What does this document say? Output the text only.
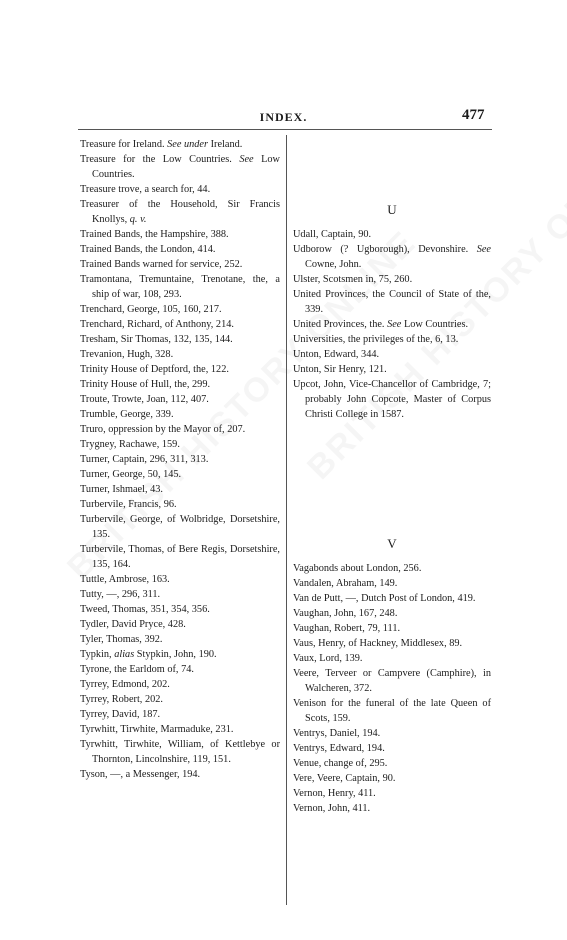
INDEX.	477
Treasure for Ireland. See under Ireland.
Treasure for the Low Countries. See Low Countries.
Treasure trove, a search for, 44.
Treasurer of the Household, Sir Francis Knollys, q. v.
Trained Bands, the Hampshire, 388.
Trained Bands, the London, 414.
Trained Bands warned for service, 252.
Tramontana, Tremuntaine, Trenotane, the, a ship of war, 108, 293.
Trenchard, George, 105, 160, 217.
Trenchard, Richard, of Anthony, 214.
Tresham, Sir Thomas, 132, 135, 144.
Trevanion, Hugh, 328.
Trinity House of Deptford, the, 122.
Trinity House of Hull, the, 299.
Troute, Trowte, Joan, 112, 407.
Trumble, George, 339.
Truro, oppression by the Mayor of, 207.
Trygney, Rachawe, 159.
Turner, Captain, 296, 311, 313.
Turner, George, 50, 145.
Turner, Ishmael, 43.
Turbervile, Francis, 96.
Turbervile, George, of Wolbridge, Dorsetshire, 135.
Turbervile, Thomas, of Bere Regis, Dorsetshire, 135, 164.
Tuttle, Ambrose, 163.
Tutty, —, 296, 311.
Tweed, Thomas, 351, 354, 356.
Tydler, David Pryce, 428.
Tyler, Thomas, 392.
Typkin, alias Stypkin, John, 190.
Tyrone, the Earldom of, 74.
Tyrrey, Edmond, 202.
Tyrrey, Robert, 202.
Tyrrey, David, 187.
Tyrwhitt, Tirwhite, Marmaduke, 231.
Tyrwhitt, Tirwhite, William, of Kettlebye or Thornton, Lincolnshire, 119, 151.
Tyson, —, a Messenger, 194.
U
Udall, Captain, 90.
Udborow (? Ugborough), Devonshire. See Cowne, John.
Ulster, Scotsmen in, 75, 260.
United Provinces, the Council of State of the, 339.
United Provinces, the. See Low Countries.
Universities, the privileges of the, 6, 13.
Unton, Edward, 344.
Unton, Sir Henry, 121.
Upcot, John, Vice-Chancellor of Cambridge, 7; probably John Copcote, Master of Corpus Christi College in 1587.
V
Vagabonds about London, 256.
Vandalen, Abraham, 149.
Van de Putt, —, Dutch Post of London, 419.
Vaughan, John, 167, 248.
Vaughan, Robert, 79, 111.
Vaus, Henry, of Hackney, Middlesex, 89.
Vaux, Lord, 139.
Veere, Terveer or Campvere (Camphire), in Walcheren, 372.
Venison for the funeral of the late Queen of Scots, 159.
Ventrys, Daniel, 194.
Ventrys, Edward, 194.
Venue, change of, 295.
Vere, Veere, Captain, 90.
Vernon, Henry, 411.
Vernon, John, 411.
